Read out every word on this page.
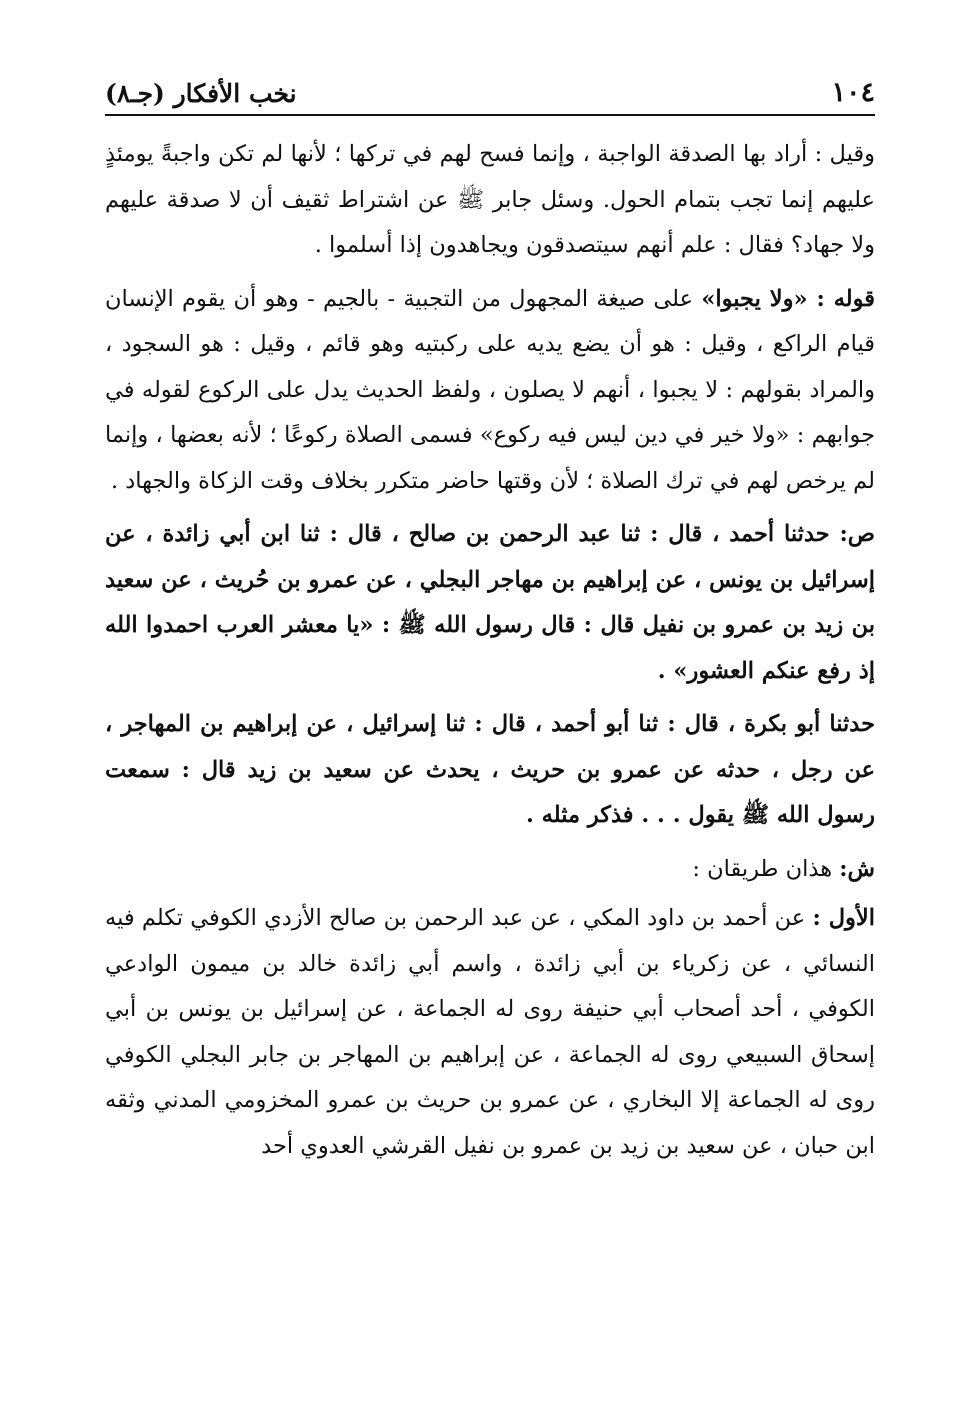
١٠٤
نخب الأفكار (جـ٨)

وقيل : أراد بها الصدقة الواجبة ، وإنما فسح لهم في تركها ؛ لأنها لم تكن واجبةً يومئذٍ عليهم إنما تجب بتمام الحول. وسئل جابر ﷺ عن اشتراط ثقيف أن لا صدقة عليهم ولا جهاد؟ فقال : علم أنهم سيتصدقون ويجاهدون إذا أسلموا .

قوله : «ولا يجبوا» على صيغة المجهول من التجبية - بالجيم - وهو أن يقوم الإنسان قيام الراكع ، وقيل : هو أن يضع يديه على ركبتيه وهو قائم ، وقيل : هو السجود ، والمراد بقولهم : لا يجبوا ، أنهم لا يصلون ، ولفظ الحديث يدل على الركوع لقوله في جوابهم : «ولا خير في دين ليس فيه ركوع» فسمى الصلاة ركوعًا ؛ لأنه بعضها ، وإنما لم يرخص لهم في ترك الصلاة ؛ لأن وقتها حاضر متكرر بخلاف وقت الزكاة والجهاد .

ص: حدثنا أحمد ، قال : ثنا عبد الرحمن بن صالح ، قال : ثنا ابن أبي زائدة ، عن إسرائيل بن يونس ، عن إبراهيم بن مهاجر البجلي ، عن عمرو بن حُريث ، عن سعيد بن زيد بن عمرو بن نفيل قال : قال رسول الله ﷺ : «يا معشر العرب احمدوا الله إذ رفع عنكم العشور» .

حدثنا أبو بكرة ، قال : ثنا أبو أحمد ، قال : ثنا إسرائيل ، عن إبراهيم بن المهاجر ، عن رجل ، حدثه عن عمرو بن حريث ، يحدث عن سعيد بن زيد قال : سمعت رسول الله ﷺ يقول . . . فذكر مثله .

ش: هذان طريقان :

الأول : عن أحمد بن داود المكي ، عن عبد الرحمن بن صالح الأزدي الكوفي تكلم فيه النسائي ، عن زكرياء بن أبي زائدة ، واسم أبي زائدة خالد بن ميمون الوادعي الكوفي ، أحد أصحاب أبي حنيفة روى له الجماعة ، عن إسرائيل بن يونس بن أبي إسحاق السبيعي روى له الجماعة ، عن إبراهيم بن المهاجر بن جابر البجلي الكوفي روى له الجماعة إلا البخاري ، عن عمرو بن حريث بن عمرو المخزومي المدني وثقه ابن حبان ، عن سعيد بن زيد بن عمرو بن نفيل القرشي العدوي أحد
